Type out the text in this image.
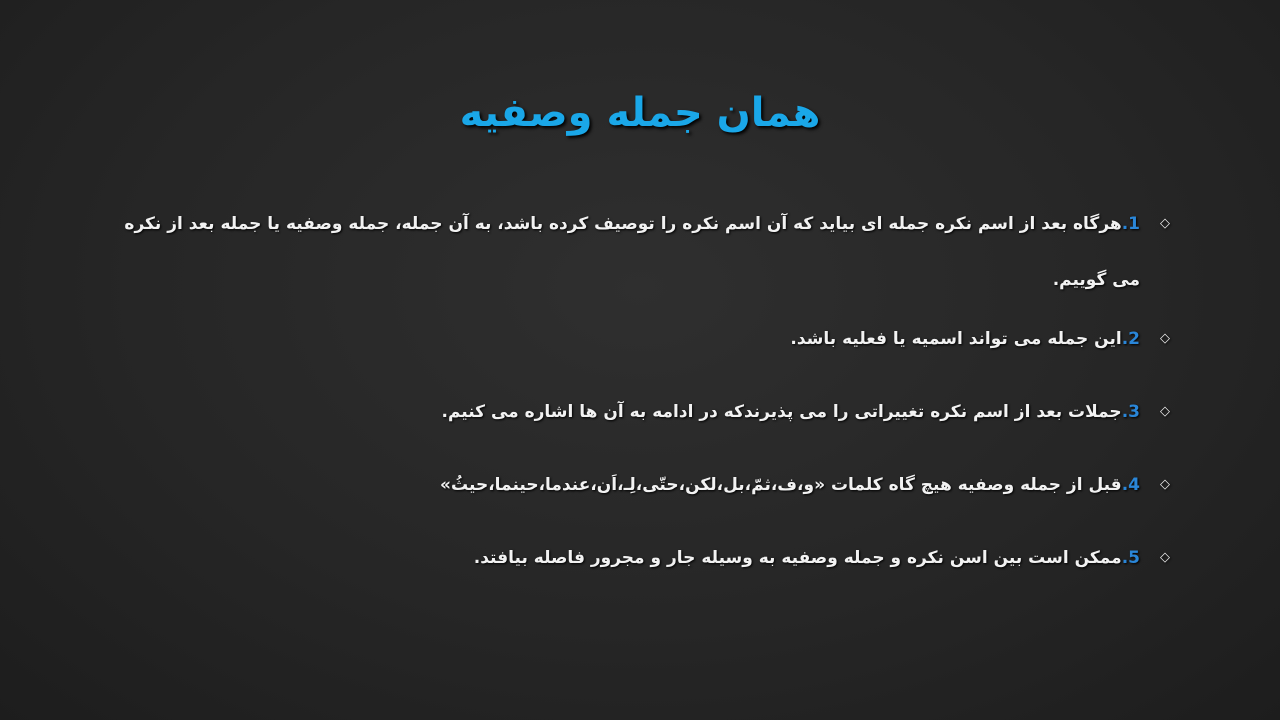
همان جمله وصفیه
◇
1.هرگاه بعد از اسم نکره جمله ای بیاید که آن اسم نکره را توصیف کرده باشد، به آن جمله، جمله وصفیه یا جمله بعد از نکره می گوییم.
◇
2.این جمله می تواند اسمیه یا فعلیه باشد.
◇
3.جملات بعد از اسم نکره تغییراتی را می پذیرندکه در ادامه به آن ها اشاره می کنیم.
◇
4.قبل از جمله وصفیه هیچ گاه کلمات «و،ف،ثمّ،بل،لکن،حتّی،لِـ،اَن،عندما،حینما،حیثُ»
◇
5.ممکن است بین اسن نکره و جمله وصفیه به وسیله جار و مجرور فاصله بیافتد.
